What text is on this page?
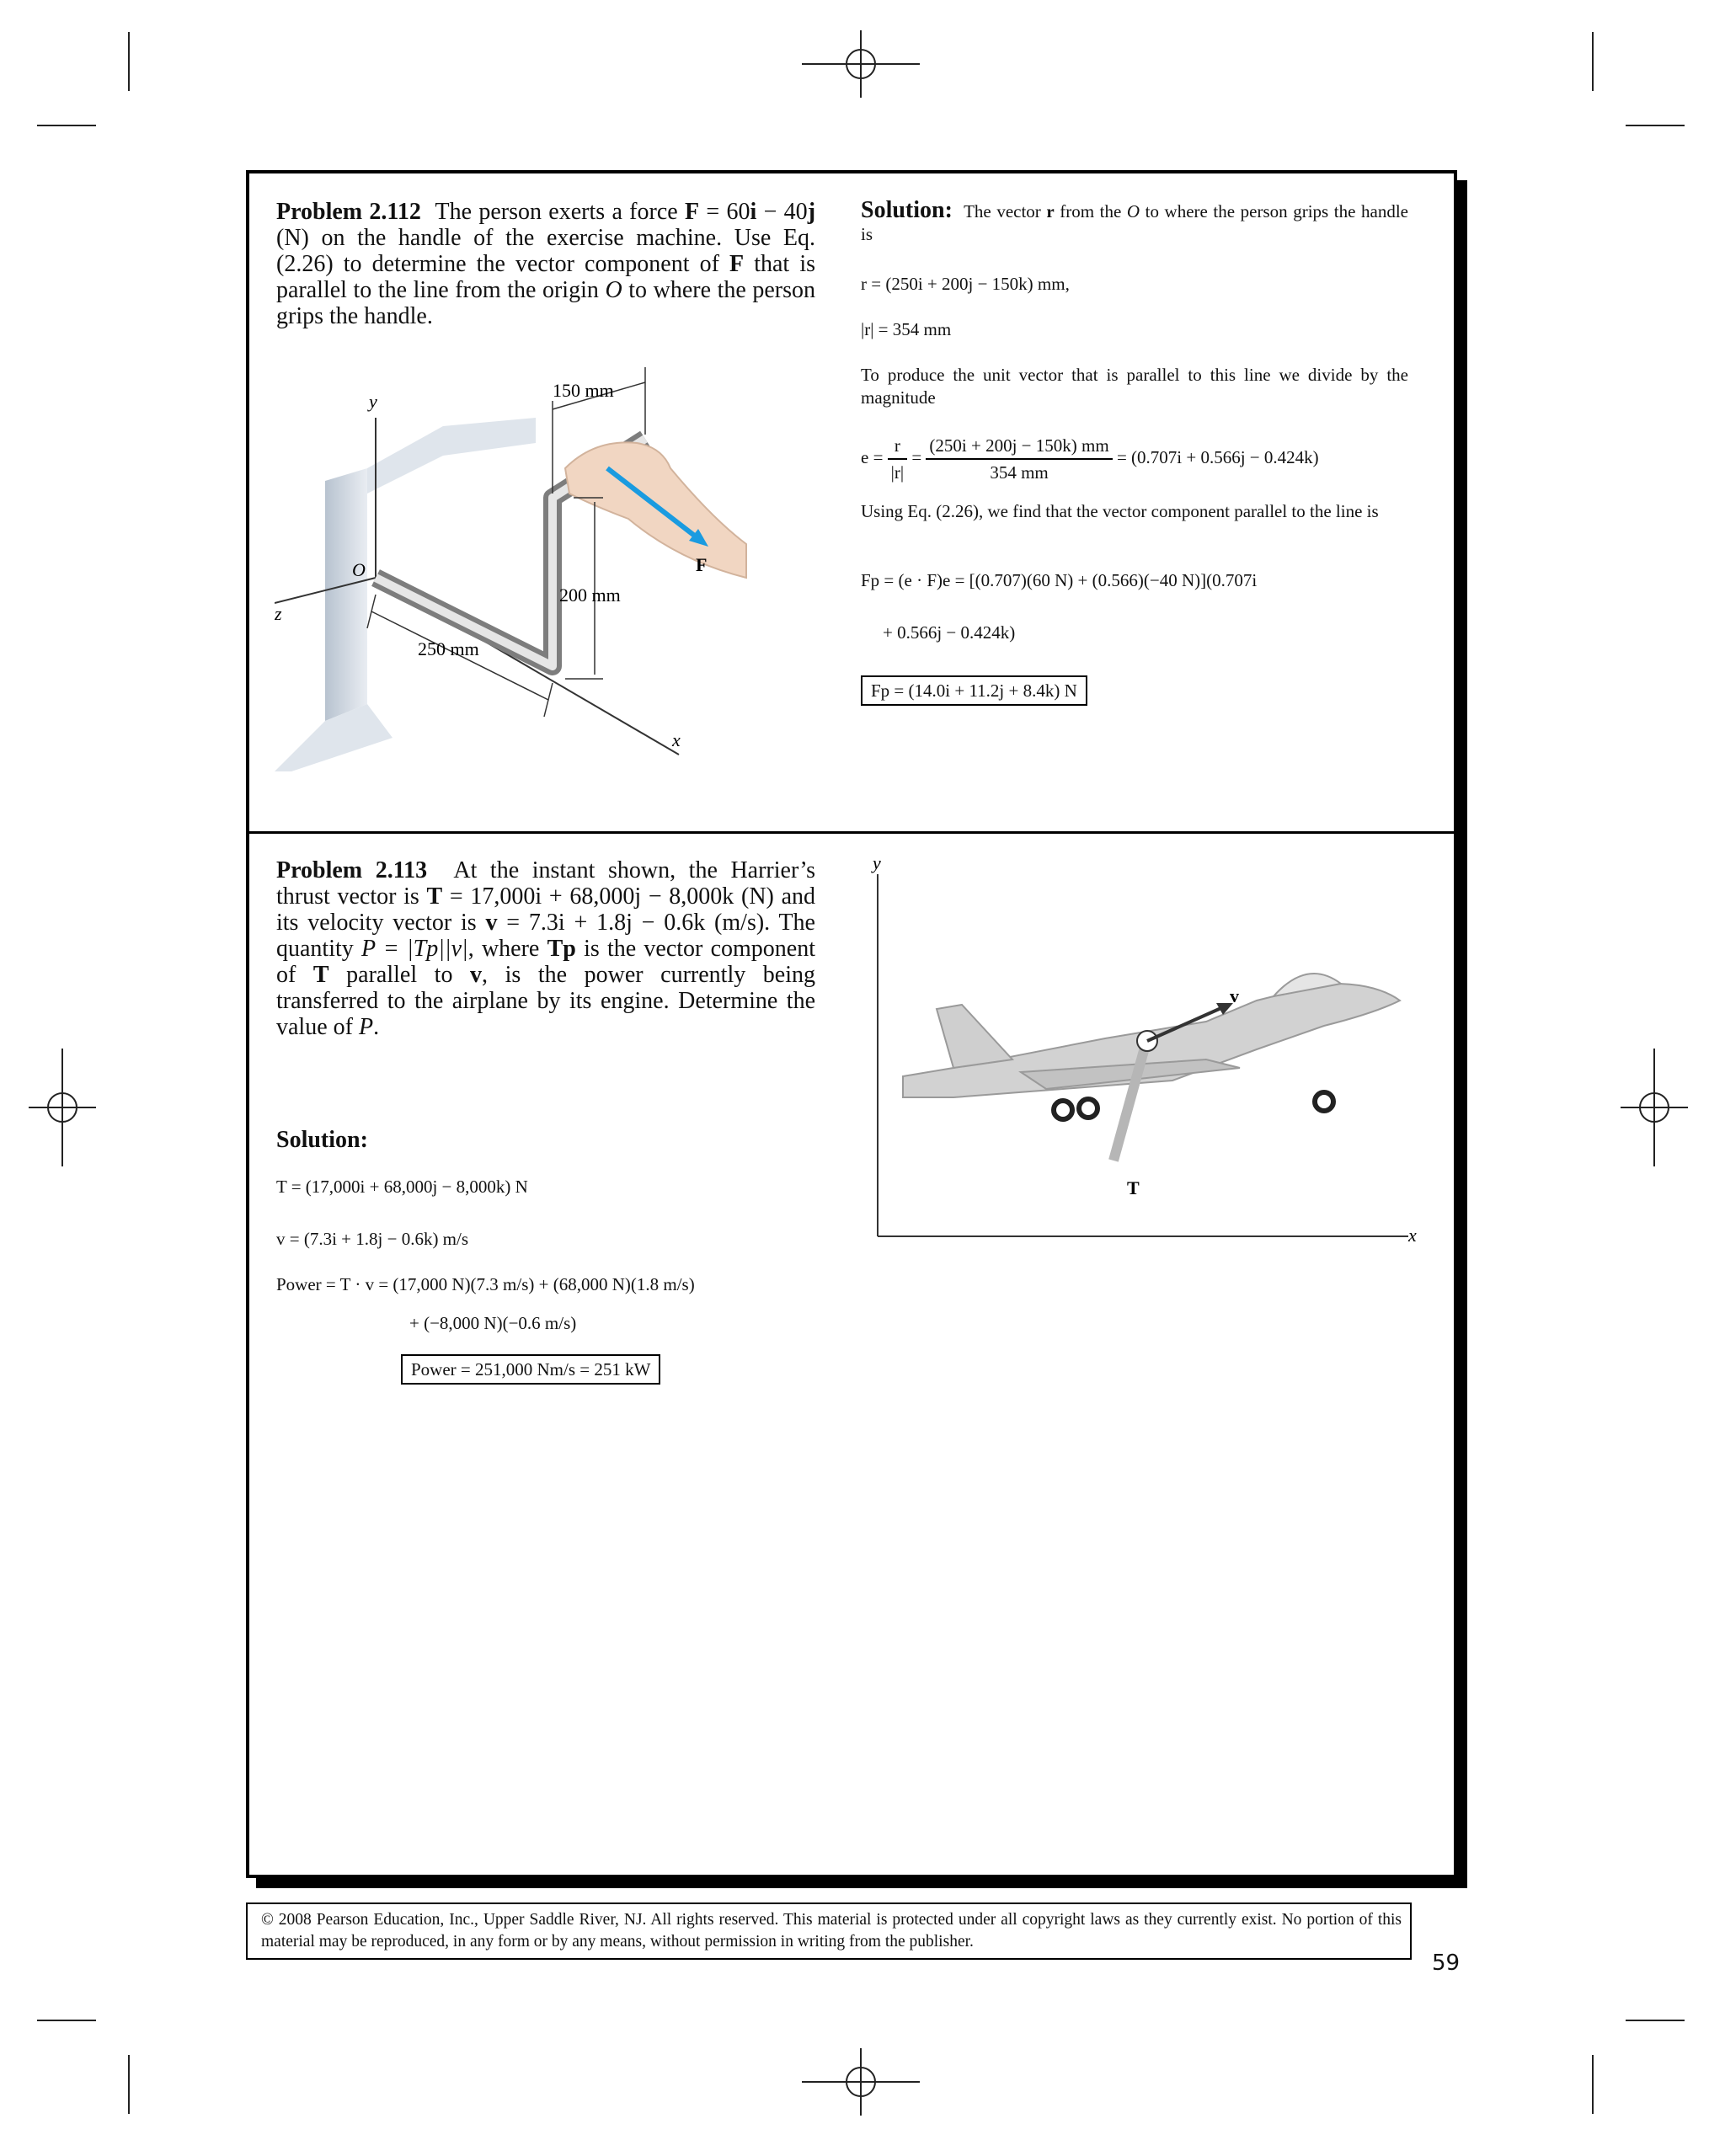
Problem 2.112 The person exerts a force F = 60i − 40j (N) on the handle of the exercise machine. Use Eq. (2.26) to determine the vector component of F that is parallel to the line from the origin O to where the person grips the handle.
y
O
z
x
F
150 mm
200 mm
250 mm
Solution: The vector r from the O to where the person grips the handle is
r = (250i + 200j − 150k) mm,
|r| = 354 mm
To produce the unit vector that is parallel to this line we divide by the magnitude
$e = \frac{r}{|r|} = \frac{(250i + 200j - 150k) mm}{354 mm} = (0.707i + 0.566j - 0.424k)$
Using Eq. (2.26), we find that the vector component parallel to the line is
Fp = (e · F)e = [(0.707)(60 N) + (0.566)(−40 N)](0.707i
+ 0.566j − 0.424k)
Fp = (14.0i + 11.2j + 8.4k) N
Problem 2.113 At the instant shown, the Harrier’s thrust vector is T = 17,000i + 68,000j − 8,000k (N) and its velocity vector is v = 7.3i + 1.8j − 0.6k (m/s). The quantity P = |Tp||v|, where Tp is the vector component of T parallel to v, is the power currently being transferred to the airplane by its engine. Determine the value of P.
y
x
T
v
Solution:
T = (17,000i + 68,000j − 8,000k) N
v = (7.3i + 1.8j − 0.6k) m/s
Power = T · v = (17,000 N)(7.3 m/s) + (68,000 N)(1.8 m/s)
+ (−8,000 N)(−0.6 m/s)
Power = 251,000 Nm/s = 251 kW
© 2008 Pearson Education, Inc., Upper Saddle River, NJ. All rights reserved. This material is protected under all copyright laws as they currently exist. No portion of this material may be reproduced, in any form or by any means, without permission in writing from the publisher.
59
